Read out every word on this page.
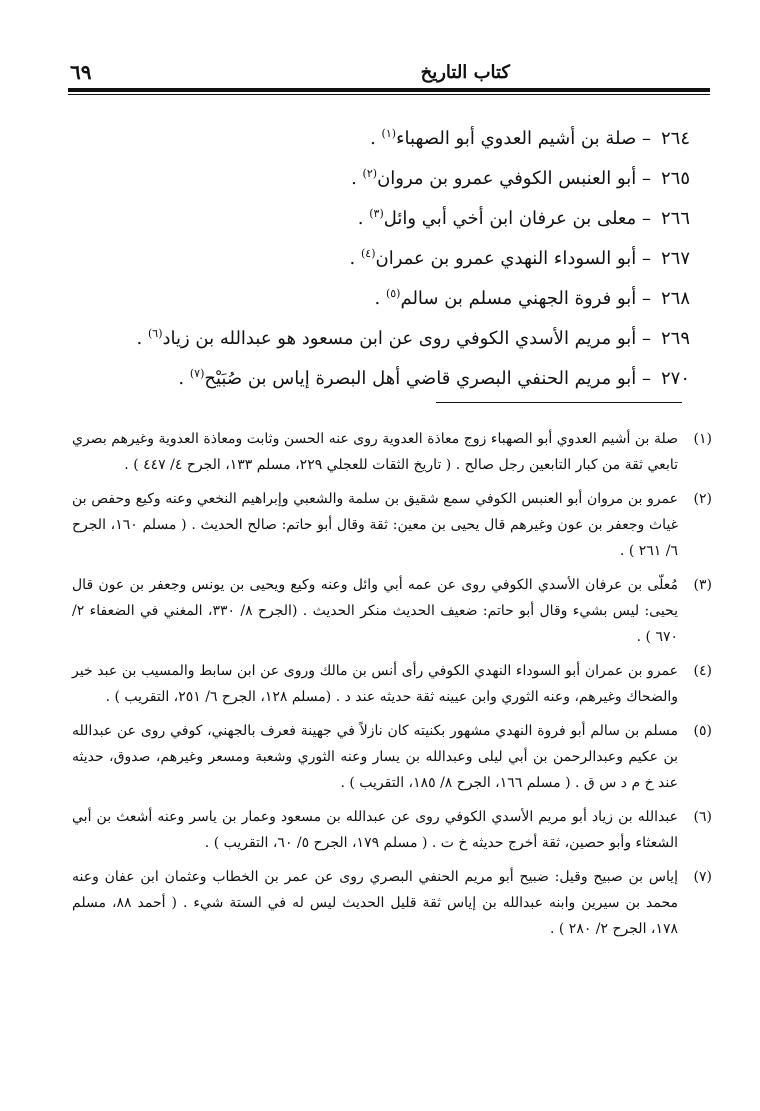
كتاب التاريخ
٦٩
٢٦٤– صلة بن أشيم العدوي أبو الصهباء$^{(١)}$ .
٢٦٥– أبو العنبس الكوفي عمرو بن مروان$^{(٢)}$ .
٢٦٦– معلى بن عرفان ابن أخي أبي وائل$^{(٣)}$ .
٢٦٧– أبو السوداء النهدي عمرو بن عمران$^{(٤)}$ .
٢٦٨– أبو فروة الجهني مسلم بن سالم$^{(٥)}$ .
٢٦٩– أبو مريم الأسدي الكوفي روى عن ابن مسعود هو عبدالله بن زياد$^{(٦)}$ .
٢٧٠– أبو مريم الحنفي البصري قاضي أهل البصرة إياس بن صُبَيْح$^{(٧)}$ .
(١)
صلة بن أشيم العدوي أبو الصهباء زوج معاذة العدوية روى عنه الحسن وثابت ومعاذة العدوية وغيرهم بصري تابعي ثقة من كبار التابعين رجل صالح . ( تاريخ الثقات للعجلي ٢٢٩، مسلم ١٣٣، الجرح ٤/ ٤٤٧ ) .
(٢)
عمرو بن مروان أبو العنبس الكوفي سمع شقيق بن سلمة والشعبي وإبراهيم النخعي وعنه وكيع وحفص بن غياث وجعفر بن عون وغيرهم قال يحيى بن معين: ثقة وقال أبو حاتم: صالح الحديث . ( مسلم ١٦٠، الجرح ٦/ ٢٦١ ) .
(٣)
مُعلّى بن عرفان الأسدي الكوفي روى عن عمه أبي وائل وعنه وكيع ويحيى بن يونس وجعفر بن عون قال يحيى: ليس بشيء وقال أبو حاتم: ضعيف الحديث منكر الحديث . (الجرح ٨/ ٣٣٠، المغني في الضعفاء ٢/ ٦٧٠ ) .
(٤)
عمرو بن عمران أبو السوداء النهدي الكوفي رأى أنس بن مالك وروى عن ابن سابط والمسيب بن عبد خير والضحاك وغيرهم، وعنه الثوري وابن عيينه ثقة حديثه عند د . (مسلم ١٢٨، الجرح ٦/ ٢٥١، التقريب ) .
(٥)
مسلم بن سالم أبو فروة النهدي مشهور بكنيته كان نازلاً في جهينة فعرف بالجهني، كوفي روى عن عبدالله بن عكيم وعبدالرحمن بن أبي ليلى وعبدالله بن يسار وعنه الثوري وشعبة ومسعر وغيرهم، صدوق، حديثه عند خ م د س ق . ( مسلم ١٦٦، الجرح ٨/ ١٨٥، التقريب ) .
(٦)
عبدالله بن زياد أبو مريم الأسدي الكوفي روى عن عبدالله بن مسعود وعمار بن ياسر وعنه أشعث بن أبي الشعثاء وأبو حصين، ثقة أخرج حديثه خ ت . ( مسلم ١٧٩، الجرح ٥/ ٦٠، التقريب ) .
(٧)
إياس بن صبيح وقيل: ضبيح أبو مريم الحنفي البصري روى عن عمر بن الخطاب وعثمان ابن عفان وعنه محمد بن سيرين وابنه عبدالله بن إياس ثقة قليل الحديث ليس له في الستة شيء . ( أحمد ٨٨، مسلم ١٧٨، الجرح ٢/ ٢٨٠ ) .
